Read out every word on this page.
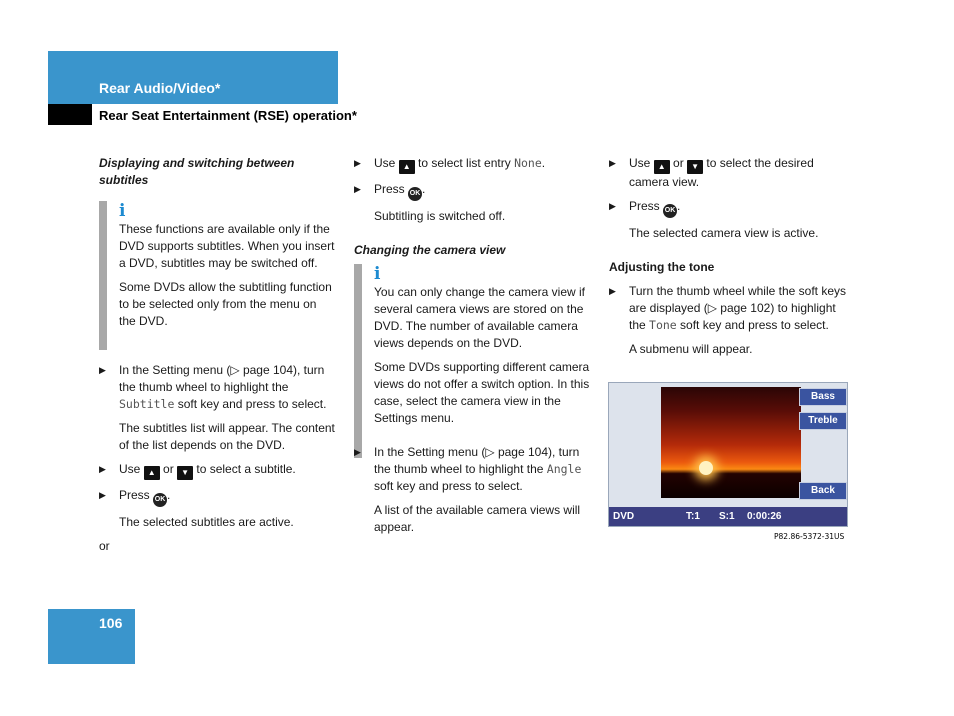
Rear Audio/Video*
Rear Seat Entertainment (RSE) operation*

Displaying and switching between subtitles

i

These functions are available only if the DVD supports subtitles. When you insert a DVD, subtitles may be switched off.

Some DVDs allow the subtitling function to be selected only from the menu on the DVD.

▶ In the Setting menu (▷ page 104), turn the thumb wheel to highlight the Subtitle soft key and press to select.

The subtitles list will appear. The content of the list depends on the DVD.

▶ Use ▲ or ▼ to select a subtitle.
▶ Press OK .

The selected subtitles are active.

or

▶ Use ▲ to select list entry None.
▶ Press OK .

Subtitling is switched off.

Changing the camera view

i

You can only change the camera view if several camera views are stored on the DVD. The number of available camera views depends on the DVD.

Some DVDs supporting different camera views do not offer a switch option. In this case, select the camera view in the Settings menu.

▶ In the Setting menu (▷ page 104), turn the thumb wheel to highlight the Angle soft key and press to select.

A list of the available camera views will appear.

▶ Use ▲ or ▼ to select the desired camera view.
▶ Press OK .

The selected camera view is active.

Adjusting the tone

▶ Turn the thumb wheel while the soft keys are displayed (▷ page 102) to highlight the Tone soft key and press to select.

A submenu will appear.

Bass
Treble
Back
DVD	T:1 S:1 0:00:26
P82.86-5372-31US
106
